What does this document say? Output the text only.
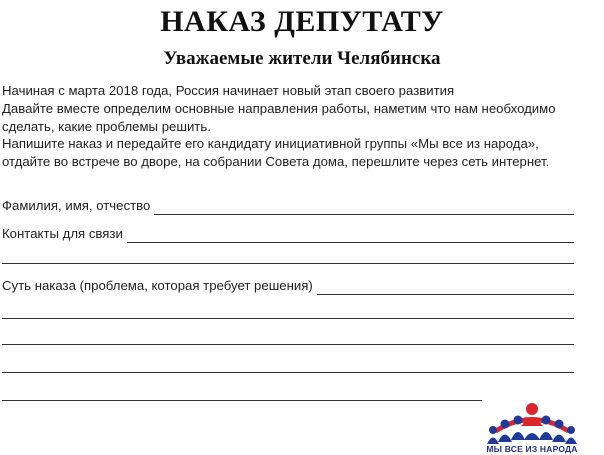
НАКАЗ ДЕПУТАТУ
Уважаемые жители Челябинска
Начиная с марта 2018 года, Россия начинает новый этап своего развития
Давайте вместе определим основные направления работы, наметим что нам необходимо
сделать, какие проблемы решить.
Напишите наказ и передайте его кандидату инициативной группы «Мы все из народа»,
отдайте во встрече во дворе, на собрании Совета дома, перешлите через сеть интернет.
Фамилия, имя, отчество
Контакты для связи
Суть наказа (проблема, которая требует решения)
МЫ ВСЕ ИЗ НАРОДА
